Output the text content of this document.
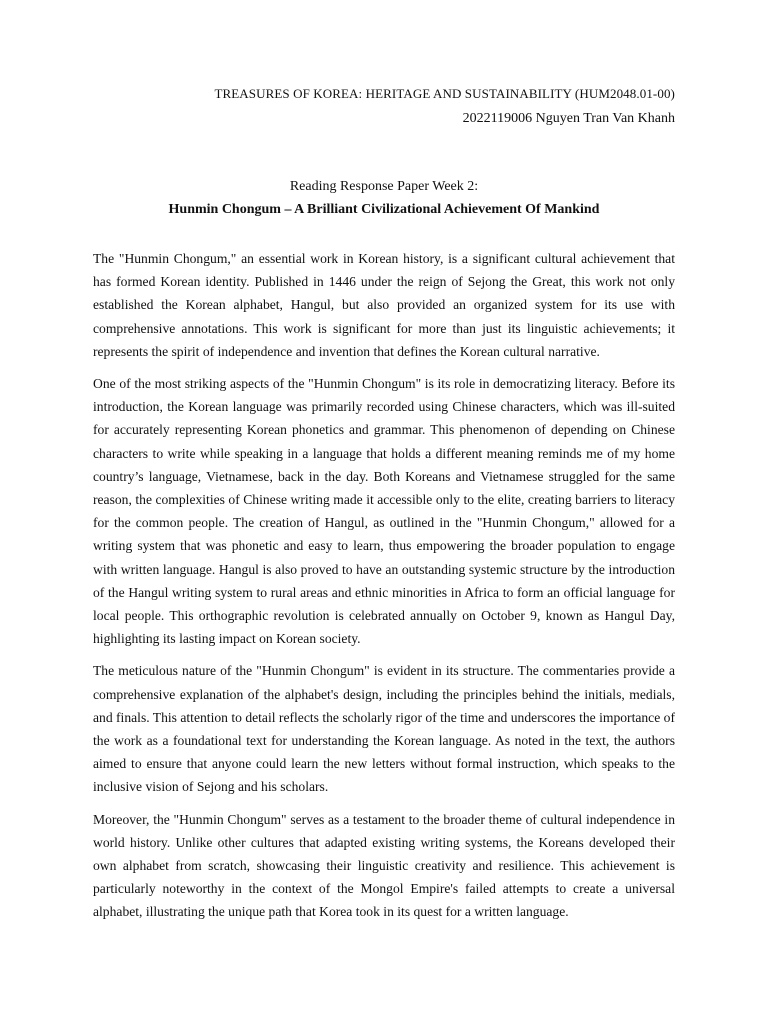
TREASURES OF KOREA: HERITAGE AND SUSTAINABILITY (HUM2048.01-00)

2022119006 Nguyen Tran Van Khanh

Reading Response Paper Week 2:

Hunmin Chongum – A Brilliant Civilizational Achievement Of Mankind

The "Hunmin Chongum," an essential work in Korean history, is a significant cultural achievement that has formed Korean identity. Published in 1446 under the reign of Sejong the Great, this work not only established the Korean alphabet, Hangul, but also provided an organized system for its use with comprehensive annotations. This work is significant for more than just its linguistic achievements; it represents the spirit of independence and invention that defines the Korean cultural narrative.

One of the most striking aspects of the "Hunmin Chongum" is its role in democratizing literacy. Before its introduction, the Korean language was primarily recorded using Chinese characters, which was ill-suited for accurately representing Korean phonetics and grammar. This phenomenon of depending on Chinese characters to write while speaking in a language that holds a different meaning reminds me of my home country’s language, Vietnamese, back in the day. Both Koreans and Vietnamese struggled for the same reason, the complexities of Chinese writing made it accessible only to the elite, creating barriers to literacy for the common people. The creation of Hangul, as outlined in the "Hunmin Chongum," allowed for a writing system that was phonetic and easy to learn, thus empowering the broader population to engage with written language. Hangul is also proved to have an outstanding systemic structure by the introduction of the Hangul writing system to rural areas and ethnic minorities in Africa to form an official language for local people. This orthographic revolution is celebrated annually on October 9, known as Hangul Day, highlighting its lasting impact on Korean society.

The meticulous nature of the "Hunmin Chongum" is evident in its structure. The commentaries provide a comprehensive explanation of the alphabet's design, including the principles behind the initials, medials, and finals. This attention to detail reflects the scholarly rigor of the time and underscores the importance of the work as a foundational text for understanding the Korean language. As noted in the text, the authors aimed to ensure that anyone could learn the new letters without formal instruction, which speaks to the inclusive vision of Sejong and his scholars.

Moreover, the "Hunmin Chongum" serves as a testament to the broader theme of cultural independence in world history. Unlike other cultures that adapted existing writing systems, the Koreans developed their own alphabet from scratch, showcasing their linguistic creativity and resilience. This achievement is particularly noteworthy in the context of the Mongol Empire's failed attempts to create a universal alphabet, illustrating the unique path that Korea took in its quest for a written language.
